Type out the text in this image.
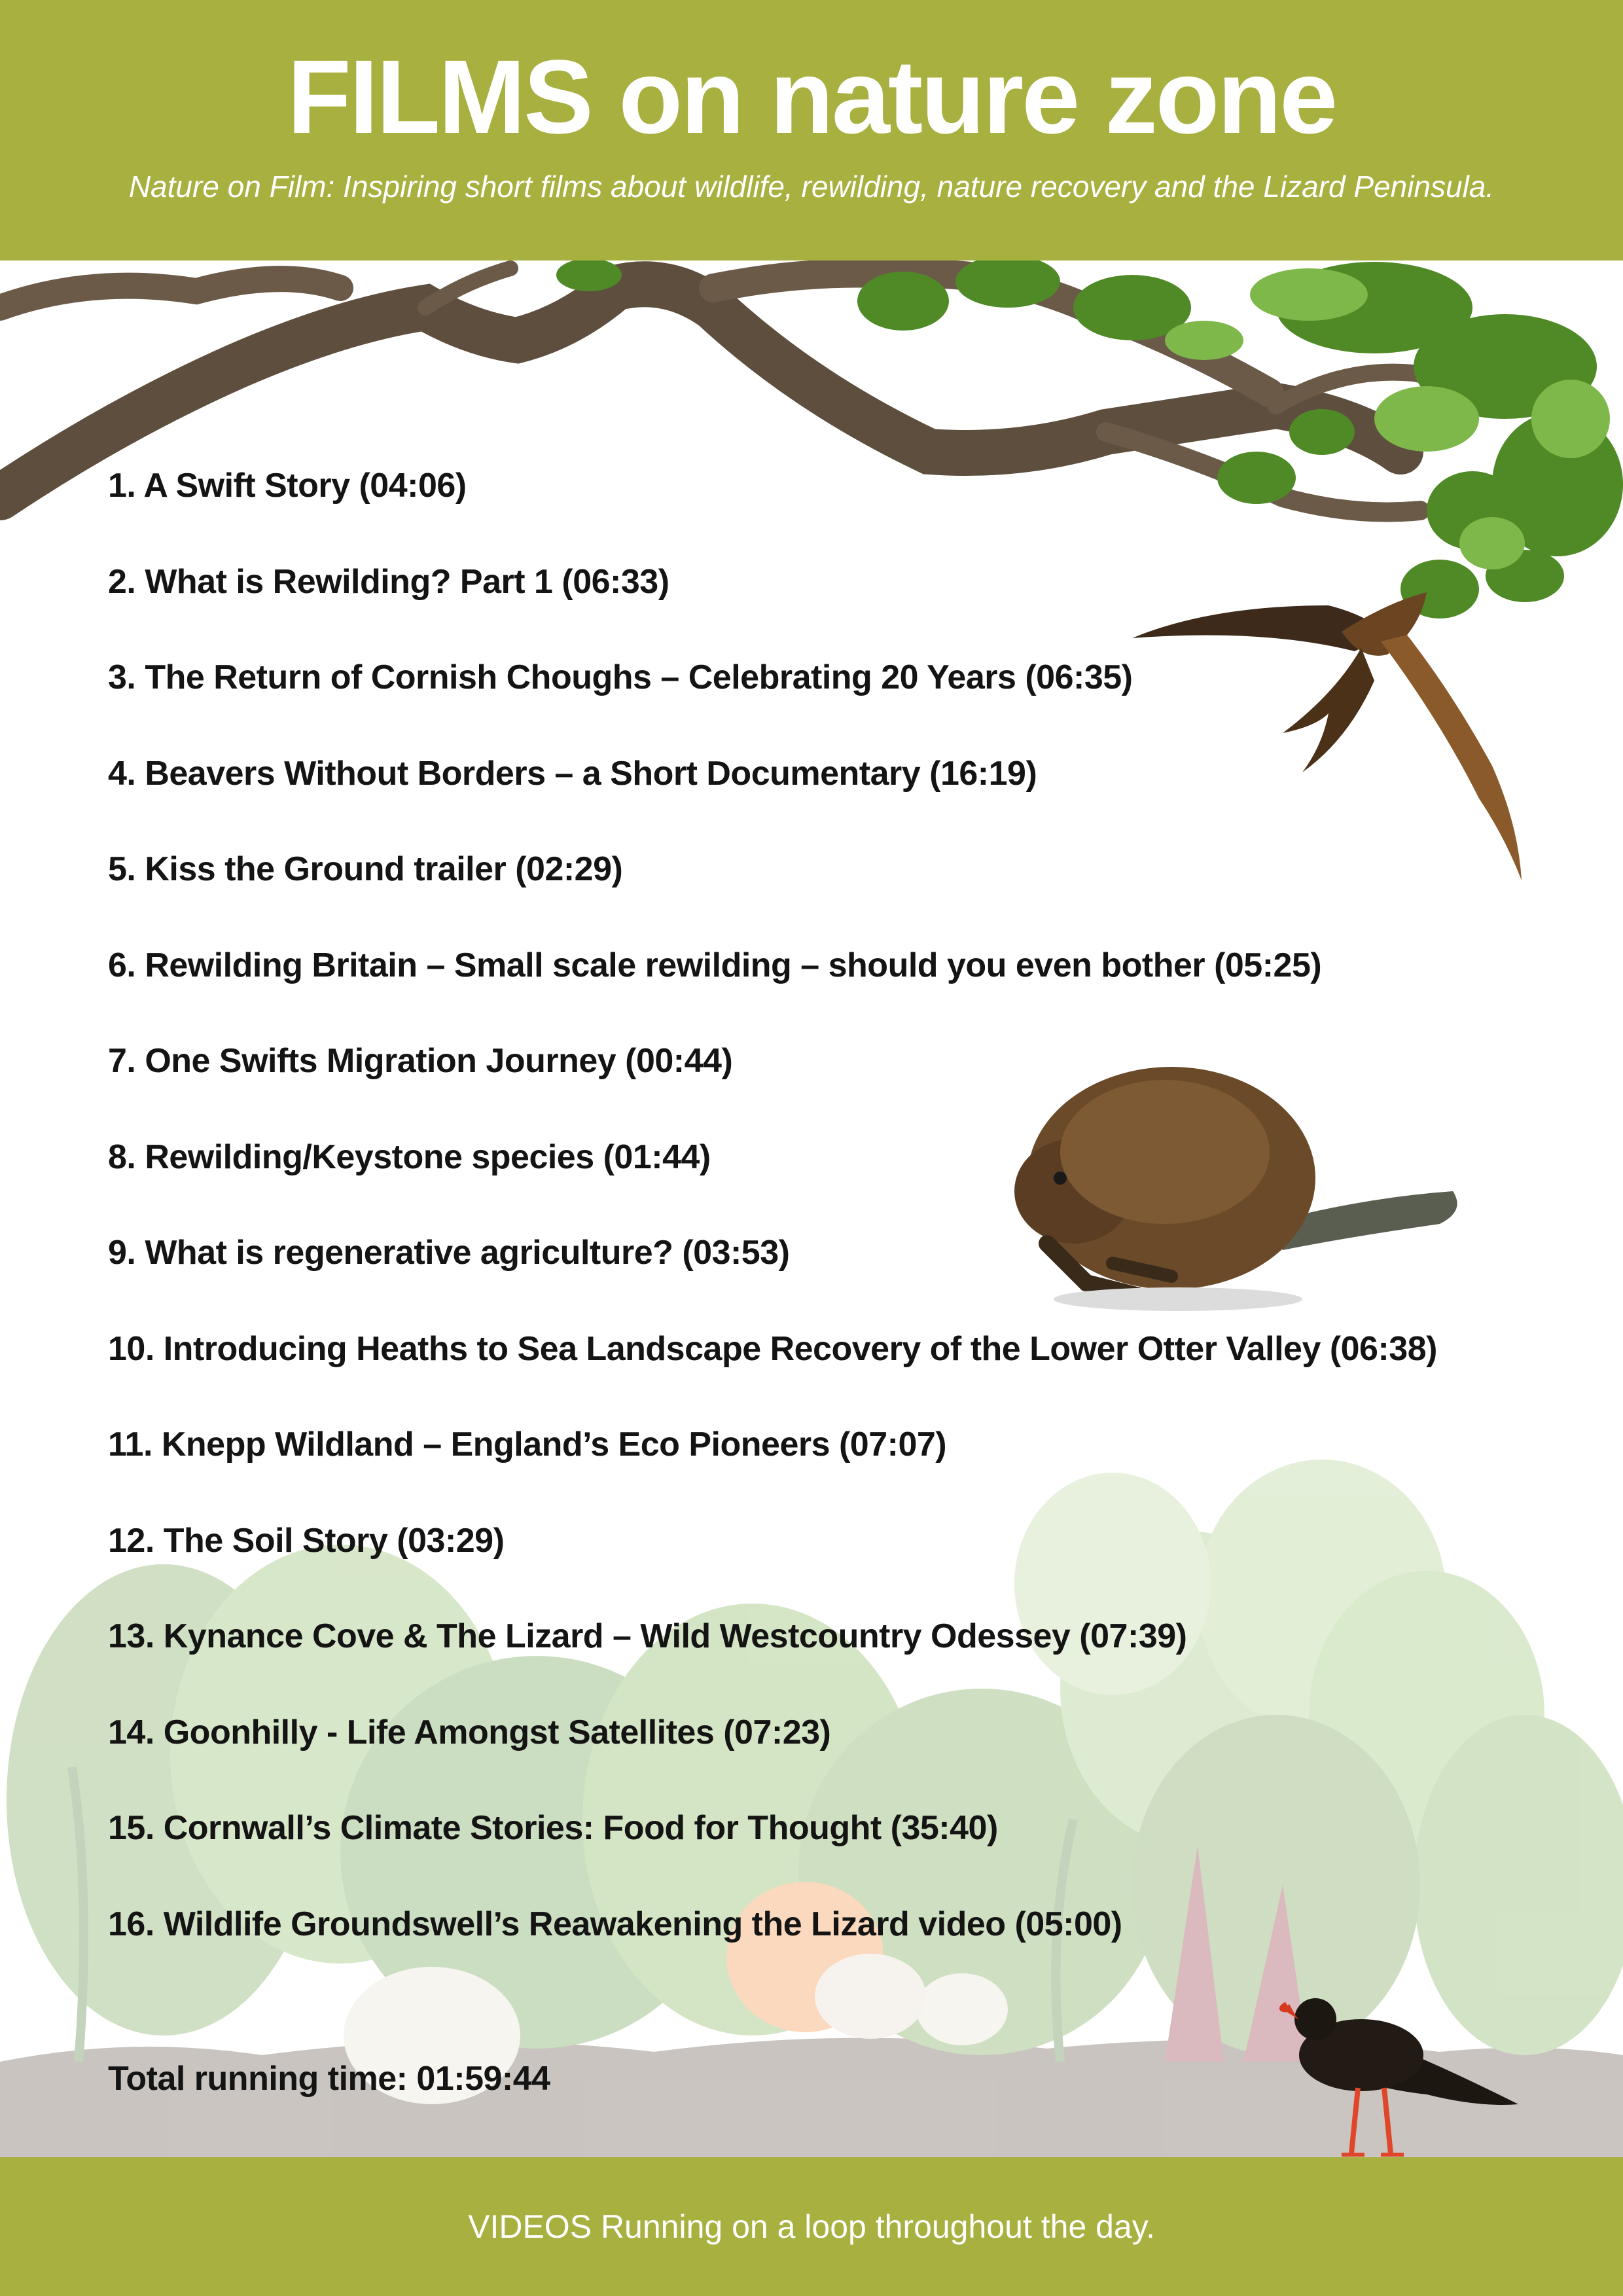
FILMS on nature zone
Nature on Film: Inspiring short films about wildlife, rewilding, nature recovery and the Lizard Peninsula.
1. A Swift Story (04:06)
2. What is Rewilding? Part 1 (06:33)
3. The Return of Cornish Choughs – Celebrating 20 Years (06:35)
4. Beavers Without Borders – a Short Documentary (16:19)
5. Kiss the Ground trailer (02:29)
6. Rewilding Britain – Small scale rewilding – should you even bother (05:25)
7. One Swifts Migration Journey (00:44)
8. Rewilding/Keystone species (01:44)
9. What is regenerative agriculture? (03:53)
10. Introducing Heaths to Sea Landscape Recovery of the Lower Otter Valley (06:38)
11. Knepp Wildland – England’s Eco Pioneers (07:07)
12. The Soil Story (03:29)
13. Kynance Cove & The Lizard – Wild Westcountry Odessey (07:39)
14. Goonhilly - Life Amongst Satellites (07:23)
15. Cornwall’s Climate Stories: Food for Thought (35:40)
16. Wildlife Groundswell’s Reawakening the Lizard video (05:00)
Total running time: 01:59:44
VIDEOS Running on a loop throughout the day.
